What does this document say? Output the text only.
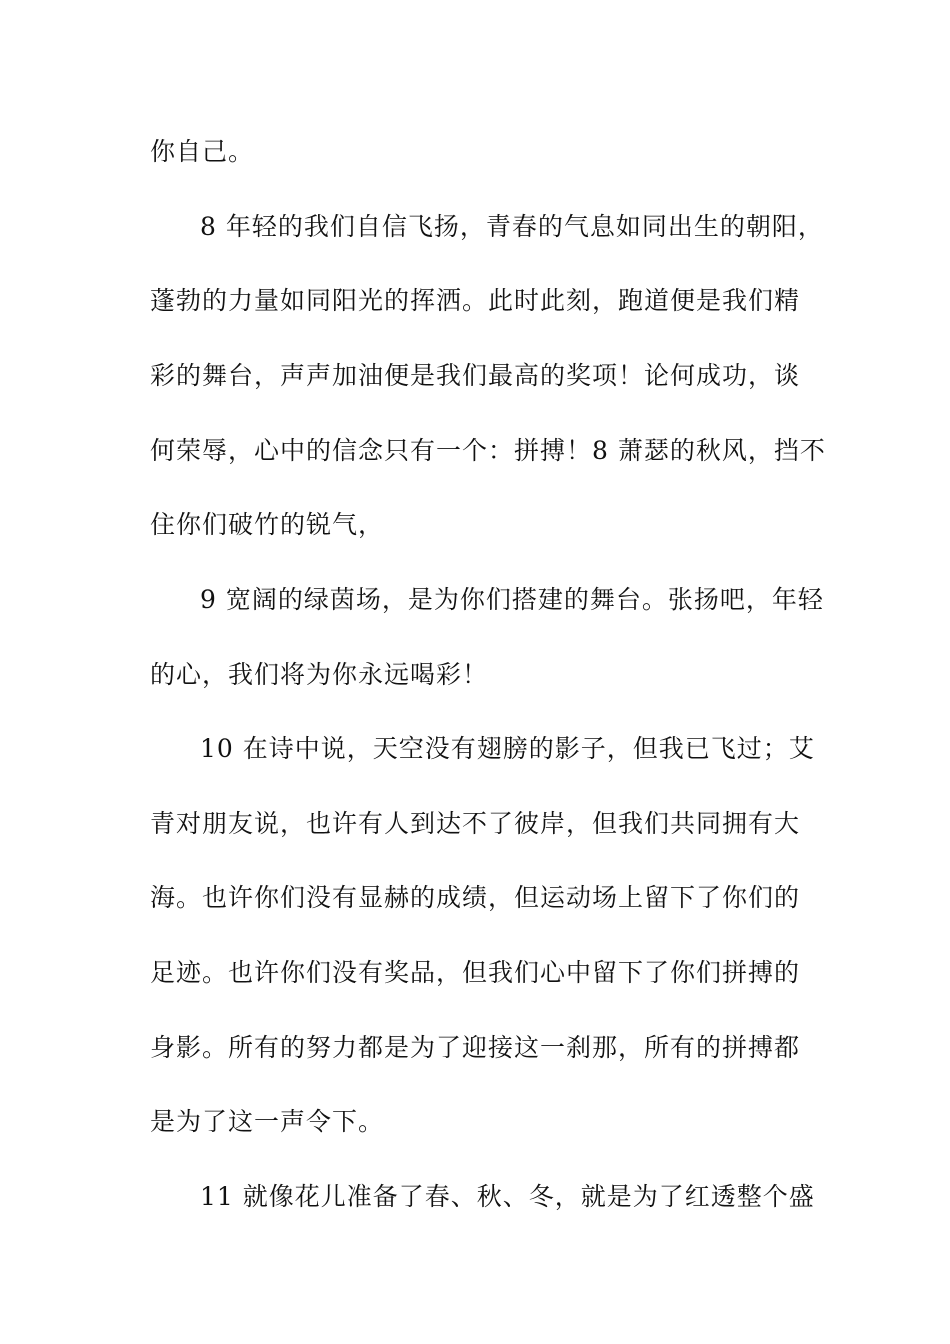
你自己。
8 年轻的我们自信飞扬，青春的气息如同出生的朝阳，
蓬勃的力量如同阳光的挥洒。此时此刻，跑道便是我们精
彩的舞台，声声加油便是我们最高的奖项！论何成功，谈
何荣辱，心中的信念只有一个：拼搏！8 萧瑟的秋风，挡不
住你们破竹的锐气，
9 宽阔的绿茵场，是为你们搭建的舞台。张扬吧，年轻
的心，我们将为你永远喝彩！
10 在诗中说，天空没有翅膀的影子，但我已飞过；艾
青对朋友说，也许有人到达不了彼岸，但我们共同拥有大
海。也许你们没有显赫的成绩，但运动场上留下了你们的
足迹。也许你们没有奖品，但我们心中留下了你们拼搏的
身影。所有的努力都是为了迎接这一刹那，所有的拼搏都
是为了这一声令下。
11 就像花儿准备了春、秋、冬，就是为了红透整个盛
